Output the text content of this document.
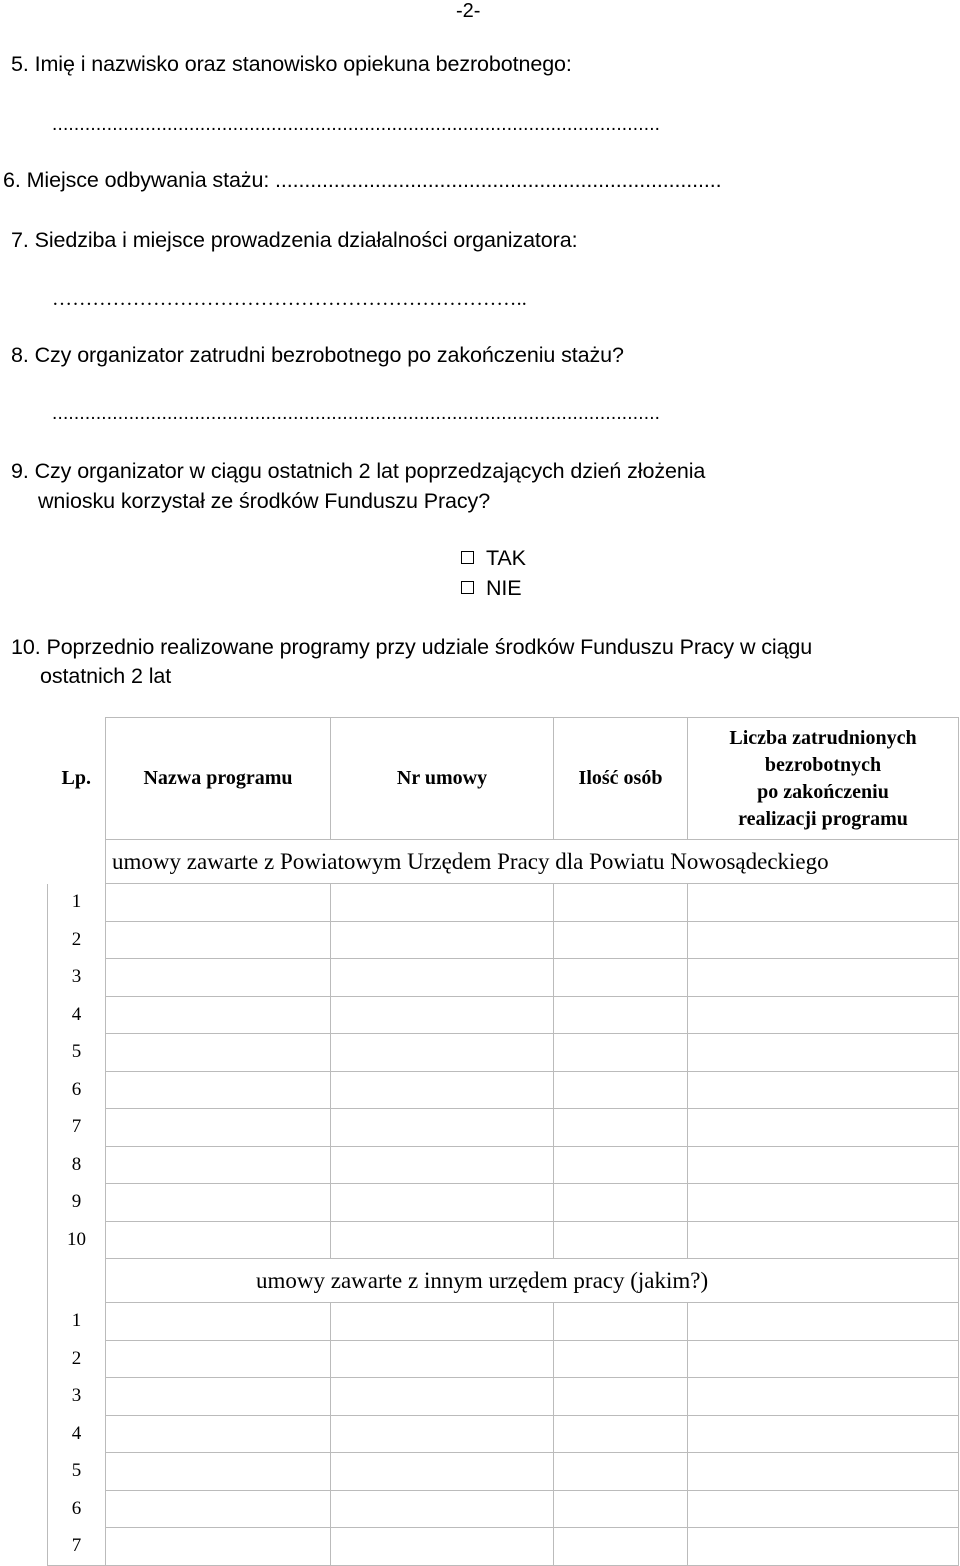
-2-
5. Imię i nazwisko oraz stanowisko opiekuna bezrobotnego:
...............................................................................................................
6. Miejsce odbywania stażu: ............................................................................
7. Siedziba i miejsce prowadzenia działalności organizatora:
……………………………………………………………..
8. Czy organizator zatrudni bezrobotnego po zakończeniu stażu?
...............................................................................................................
9. Czy organizator w ciągu ostatnich 2 lat poprzedzających dzień złożenia
wniosku korzystał ze środków Funduszu Pracy?
TAK
NIE
10. Poprzednio realizowane programy przy udziale środków Funduszu Pracy w ciągu
ostatnich 2 lat
Lp.	Nazwa programu	Nr umowy	Ilość osób	Liczba zatrudnionych
bezrobotnych
po zakończeniu
realizacji programu
	umowy zawarte z Powiatowym Urzędem Pracy dla Powiatu Nowosądeckiego			
1				
2				
3				
4				
5				
6				
7				
8				
9				
10				
	umowy zawarte z innym urzędem pracy (jakim?)			
1				
2				
3				
4				
5				
6				
7				
